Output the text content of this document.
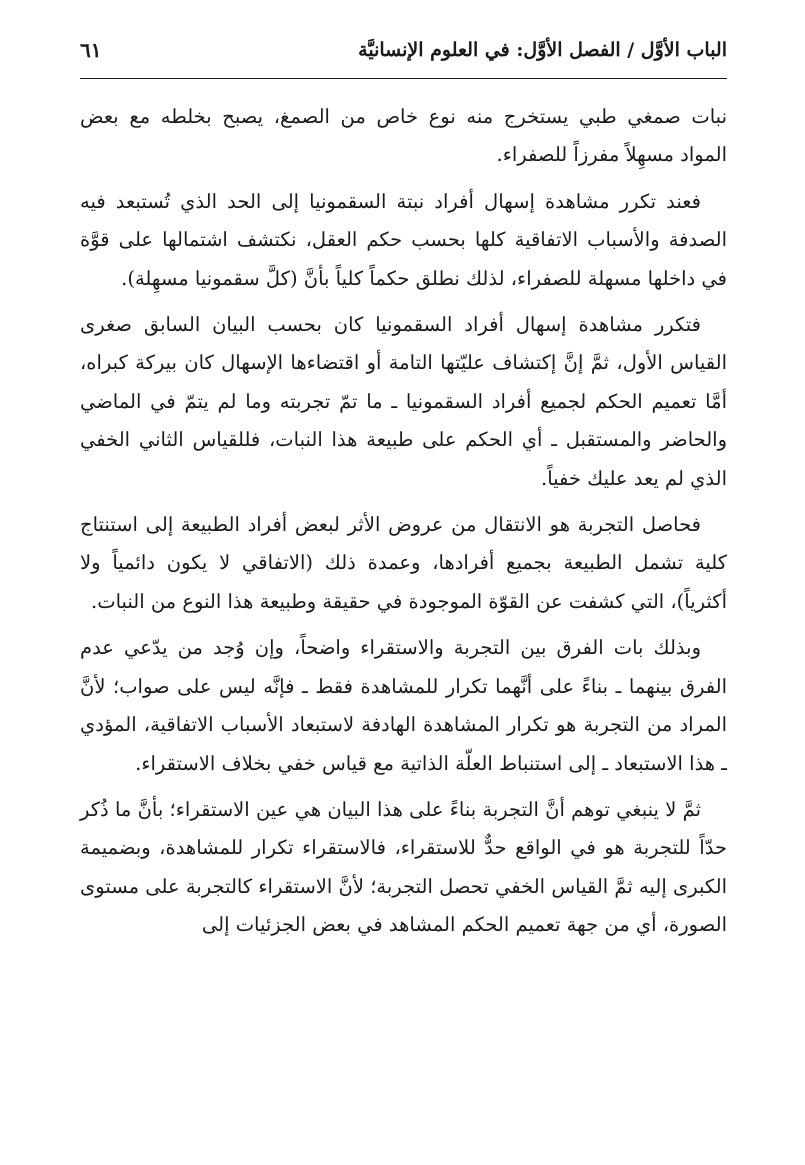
الباب الأوَّل / الفصل الأوَّل: في العلوم الإنسانيَّة
٦١

نبات صمغي طبي يستخرج منه نوع خاص من الصمغ، يصبح بخلطه مع بعض المواد مسهِلاً مفرزاً للصفراء.

فعند تكرر مشاهدة إسهال أفراد نبتة السقمونيا إلى الحد الذي تُستبعد فيه الصدفة والأسباب الاتفاقية كلها بحسب حكم العقل، نكتشف اشتمالها على قوَّة في داخلها مسهلة للصفراء، لذلك نطلق حكماً كلياً بأنَّ (كلَّ سقمونيا مسهِلة).

فتكرر مشاهدة إسهال أفراد السقمونيا كان بحسب البيان السابق صغرى القياس الأول، ثمَّ إنَّ إكتشاف عليّتها التامة أو اقتضاءها الإسهال كان بيركة كبراه، أمَّا تعميم الحكم لجميع أفراد السقمونيا ـ ما تمّ تجربته وما لم يتمّ في الماضي والحاضر والمستقبل ـ أي الحكم على طبيعة هذا النبات، فللقياس الثاني الخفي الذي لم يعد عليك خفياً.

فحاصل التجربة هو الانتقال من عروض الأثر لبعض أفراد الطبيعة إلى استنتاج كلية تشمل الطبيعة بجميع أفرادها، وعمدة ذلك (الاتفاقي لا يكون دائمياً ولا أكثرياً)، التي كشفت عن القوّة الموجودة في حقيقة وطبيعة هذا النوع من النبات.

وبذلك بات الفرق بين التجربة والاستقراء واضحاً، وإن وُجد من يدّعي عدم الفرق بينهما ـ بناءً على أنَّهما تكرار للمشاهدة فقط ـ فإنَّه ليس على صواب؛ لأنَّ المراد من التجربة هو تكرار المشاهدة الهادفة لاستبعاد الأسباب الاتفاقية، المؤدي ـ هذا الاستبعاد ـ إلى استنباط العلّة الذاتية مع قياس خفي بخلاف الاستقراء.

ثمَّ لا ينبغي توهم أنَّ التجربة بناءً على هذا البيان هي عين الاستقراء؛ بأنَّ ما ذُكر حدّاً للتجربة هو في الواقع حدٌّ للاستقراء، فالاستقراء تكرار للمشاهدة، وبضميمة الكبرى إليه ثمَّ القياس الخفي تحصل التجربة؛ لأنَّ الاستقراء كالتجربة على مستوى الصورة، أي من جهة تعميم الحكم المشاهد في بعض الجزئيات إلى
